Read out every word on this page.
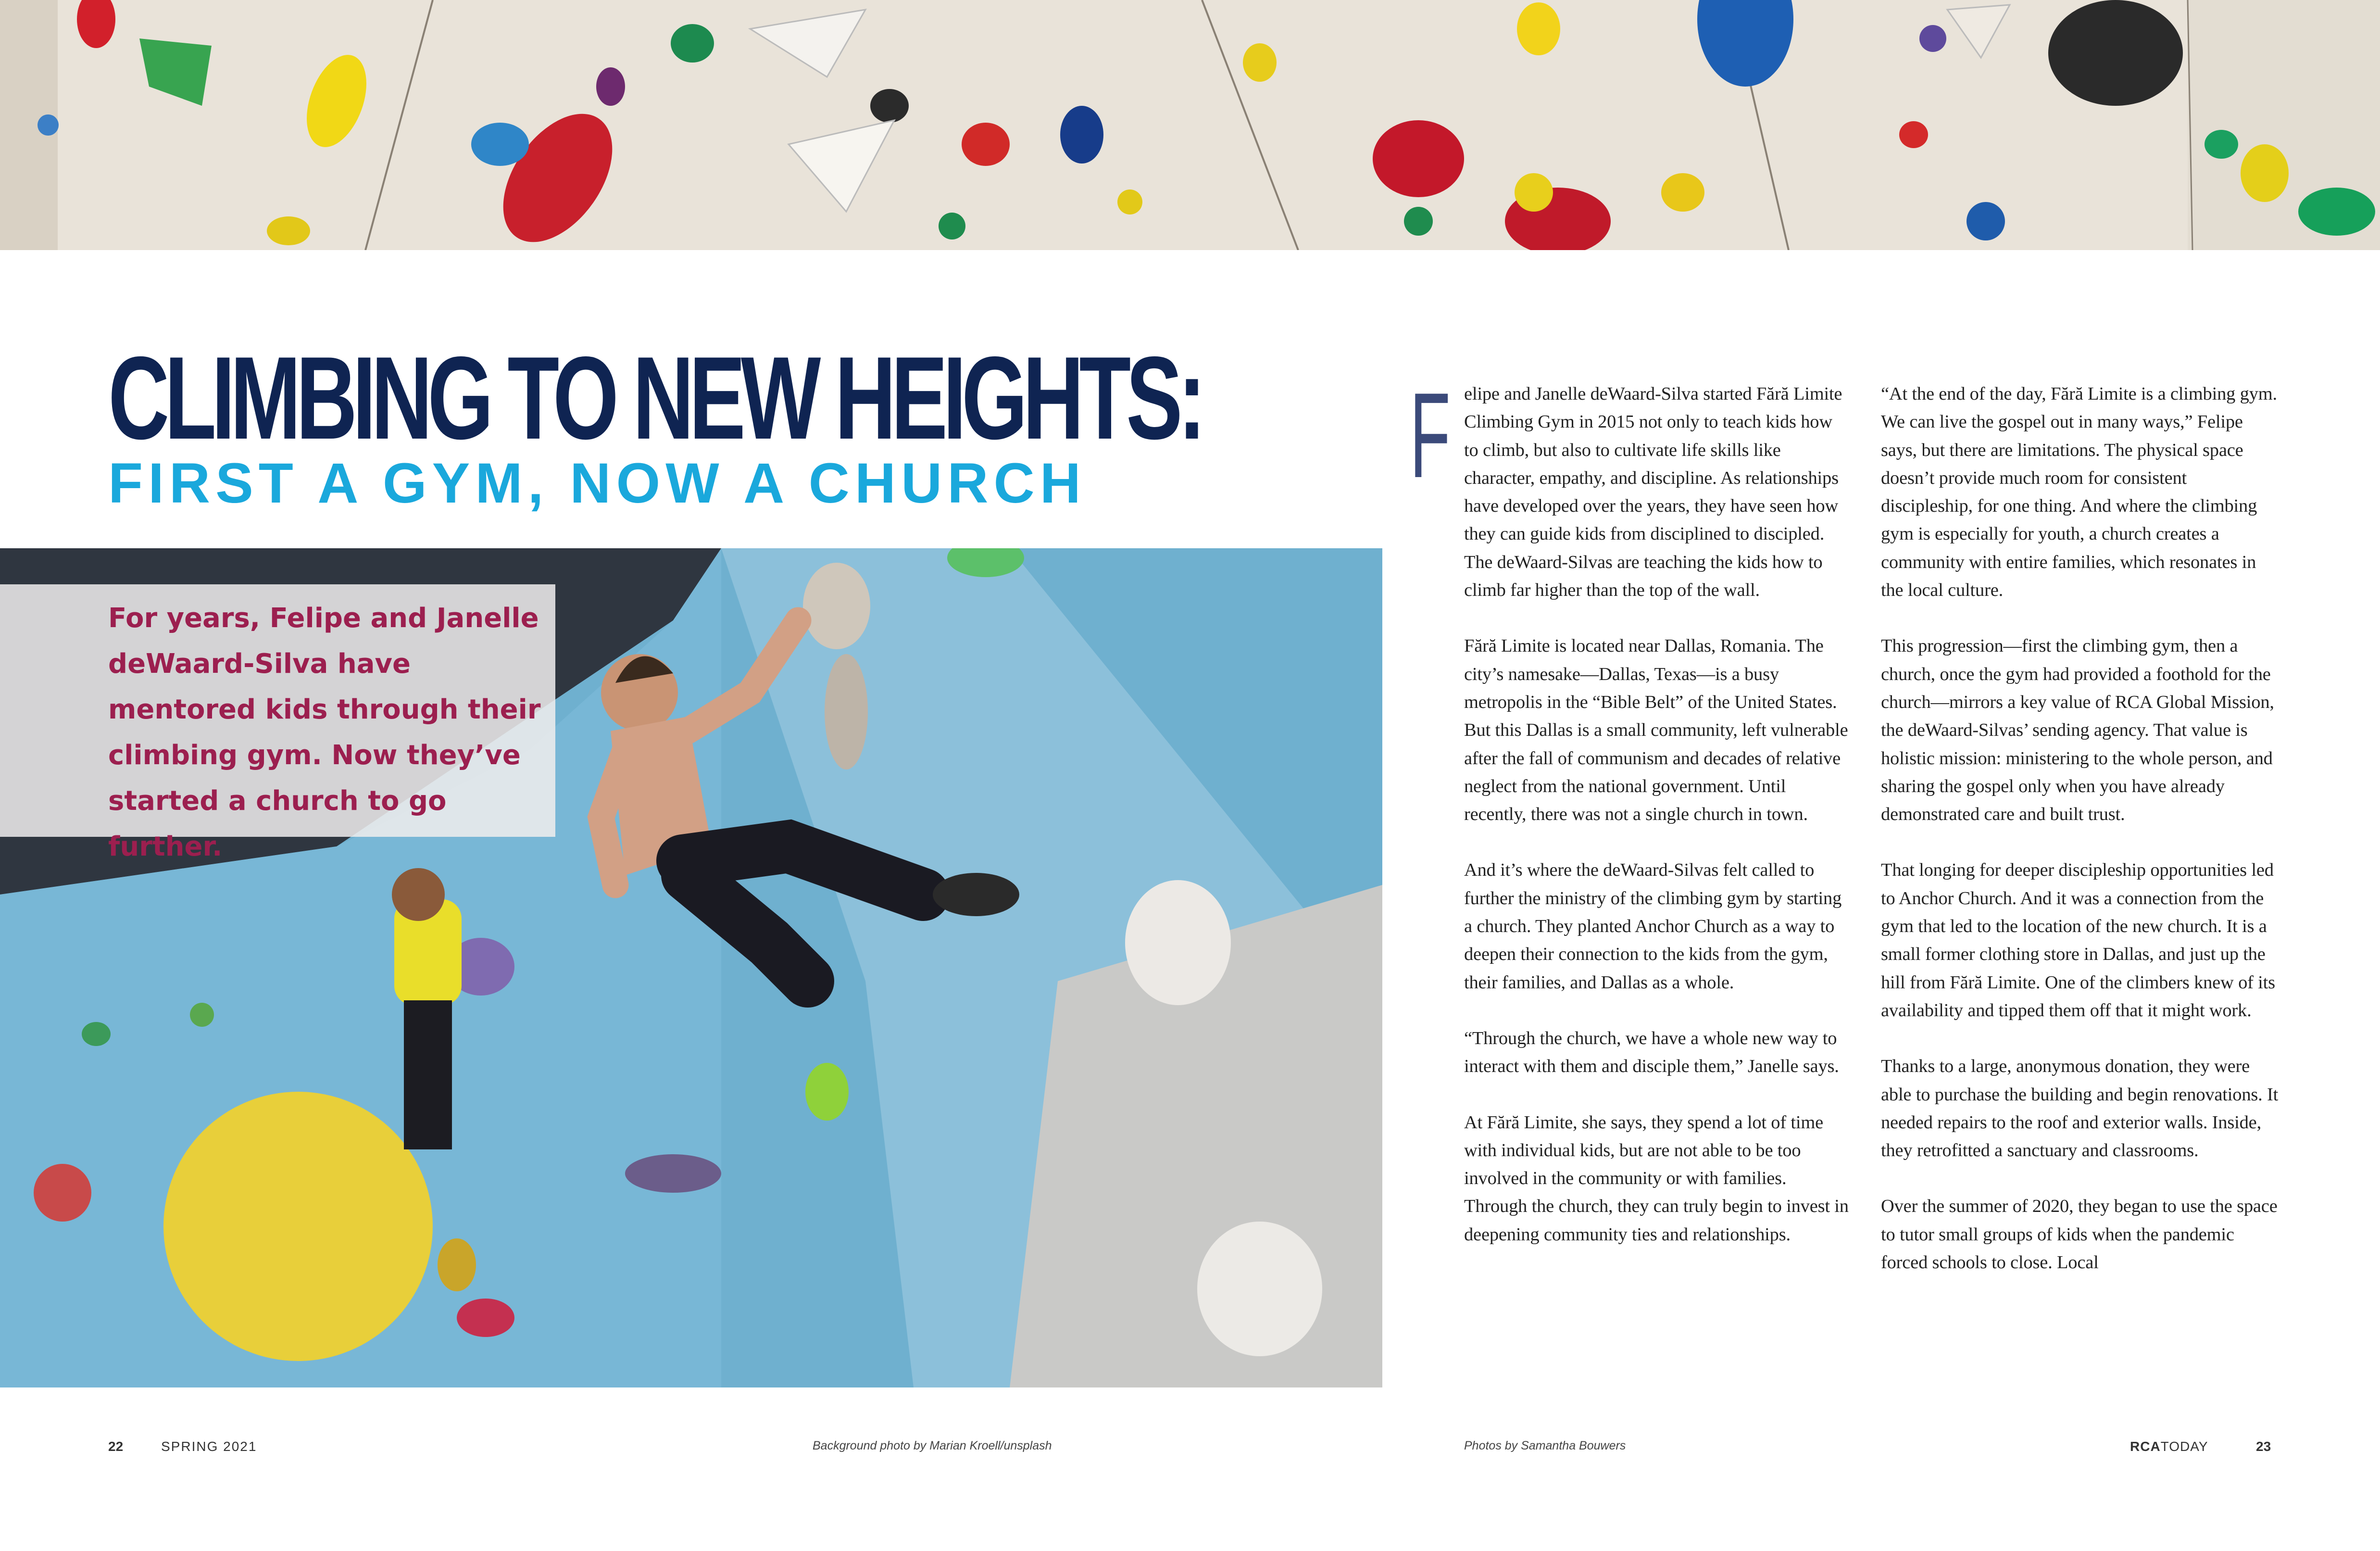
CLIMBING TO NEW HEIGHTS:
FIRST A GYM, NOW A CHURCH
For years, Felipe and Janelle deWaard-Silva have mentored kids through their climbing gym. Now they’ve started a church to go further.
F elipe and Janelle deWaard-Silva started Fără Limite Climbing Gym in 2015 not only to teach kids how to climb, but also to cultivate life skills like character, empathy, and discipline. As relationships have developed over the years, they have seen how they can guide kids from disciplined to discipled. The deWaard-Silvas are teaching the kids how to climb far higher than the top of the wall.

Fără Limite is located near Dallas, Romania. The city’s namesake—Dallas, Texas—is a busy metropolis in the “Bible Belt” of the United States. But this Dallas is a small community, left vulnerable after the fall of communism and decades of relative neglect from the national government. Until recently, there was not a single church in town.

And it’s where the deWaard-Silvas felt called to further the ministry of the climbing gym by starting a church. They planted Anchor Church as a way to deepen their connection to the kids from the gym, their families, and Dallas as a whole.

“Through the church, we have a whole new way to interact with them and disciple them,” Janelle says.

At Fără Limite, she says, they spend a lot of time with individual kids, but are not able to be too involved in the community or with families. Through the church, they can truly begin to invest in deepening community ties and relationships.

“At the end of the day, Fără Limite is a climbing gym. We can live the gospel out in many ways,” Felipe says, but there are limitations. The physical space doesn’t provide much room for consistent discipleship, for one thing. And where the climbing gym is especially for youth, a church creates a community with entire families, which resonates in the local culture.

This progression—first the climbing gym, then a church, once the gym had provided a foothold for the church—mirrors a key value of RCA Global Mission, the deWaard-Silvas’ sending agency. That value is holistic mission: ministering to the whole person, and sharing the gospel only when you have already demonstrated care and built trust.

That longing for deeper discipleship opportunities led to Anchor Church. And it was a connection from the gym that led to the location of the new church. It is a small former clothing store in Dallas, and just up the hill from Fără Limite. One of the climbers knew of its availability and tipped them off that it might work.

Thanks to a large, anonymous donation, they were able to purchase the building and begin renovations. It needed repairs to the roof and exterior walls. Inside, they retrofitted a sanctuary and classrooms.

Over the summer of 2020, they began to use the space to tutor small groups of kids when the pandemic forced schools to close. Local

22	SPRING 2021	Background photo by Marian Kroell/unsplash	Photos by Samantha Bouwers	RCATODAY	23
